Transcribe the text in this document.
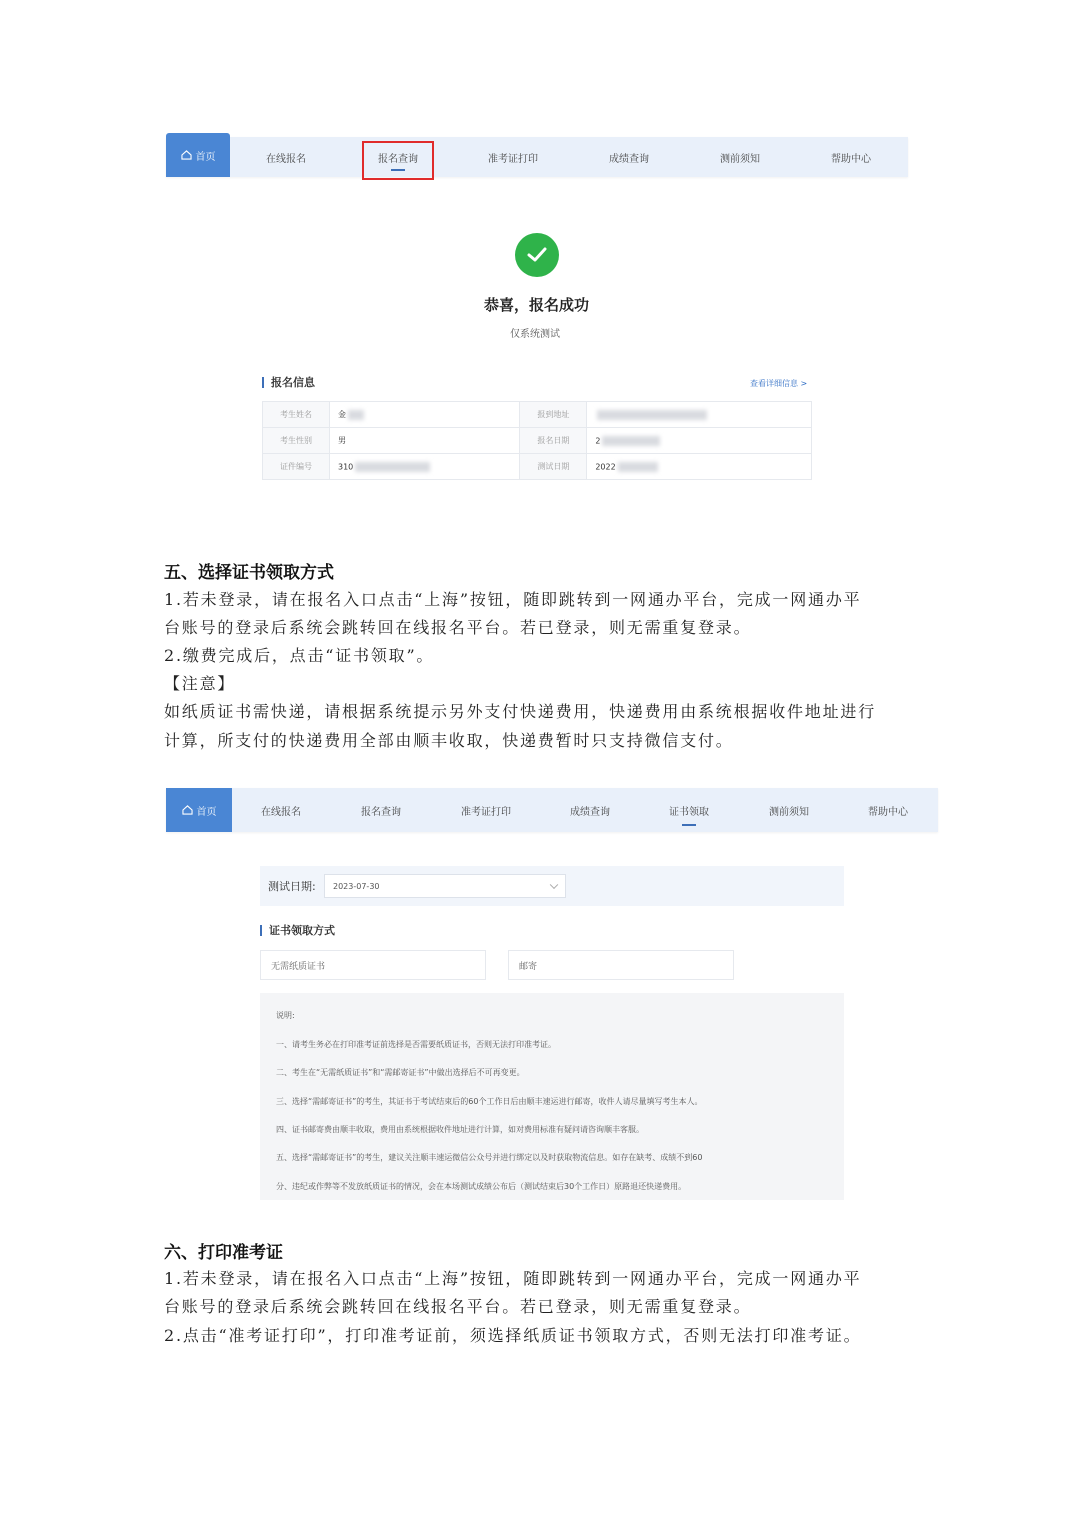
首页	在线报名	报名查询	准考证打印	成绩查询	测前须知	帮助中心
恭喜，报名成功
仅系统测试
报名信息	查看详细信息 >
考生姓名	金	报到地址	
考生性别	男	报名日期	2
证件编号	310	测试日期	2022
五、选择证书领取方式
1.若未登录，请在报名入口点击“上海”按钮，随即跳转到一网通办平台，完成一网通办平
台账号的登录后系统会跳转回在线报名平台。若已登录，则无需重复登录。
2.缴费完成后，点击“证书领取”。
【注意】
如纸质证书需快递，请根据系统提示另外支付快递费用，快递费用由系统根据收件地址进行
计算，所支付的快递费用全部由顺丰收取，快递费暂时只支持微信支付。
首页	在线报名	报名查询	准考证打印	成绩查询	证书领取	测前须知	帮助中心
测试日期: 2023-07-30
证书领取方式
无需纸质证书	邮寄
说明:
一、请考生务必在打印准考证前选择是否需要纸质证书，否则无法打印准考证。
二、考生在“无需纸质证书”和“需邮寄证书”中做出选择后不可再变更。
三、选择“需邮寄证书”的考生，其证书于考试结束后的60个工作日后由顺丰速运进行邮寄，收件人请尽量填写考生本人。
四、证书邮寄费由顺丰收取，费用由系统根据收件地址进行计算，如对费用标准有疑问请咨询顺丰客服。
五、选择“需邮寄证书”的考生，建议关注顺丰速运微信公众号并进行绑定以及时获取物流信息。如存在缺考、成绩不到60
分、违纪或作弊等不发放纸质证书的情况，会在本场测试成绩公布后（测试结束后30个工作日）原路退还快递费用。
六、打印准考证
1.若未登录，请在报名入口点击“上海”按钮，随即跳转到一网通办平台，完成一网通办平
台账号的登录后系统会跳转回在线报名平台。若已登录，则无需重复登录。
2.点击“准考证打印”，打印准考证前，须选择纸质证书领取方式，否则无法打印准考证。
